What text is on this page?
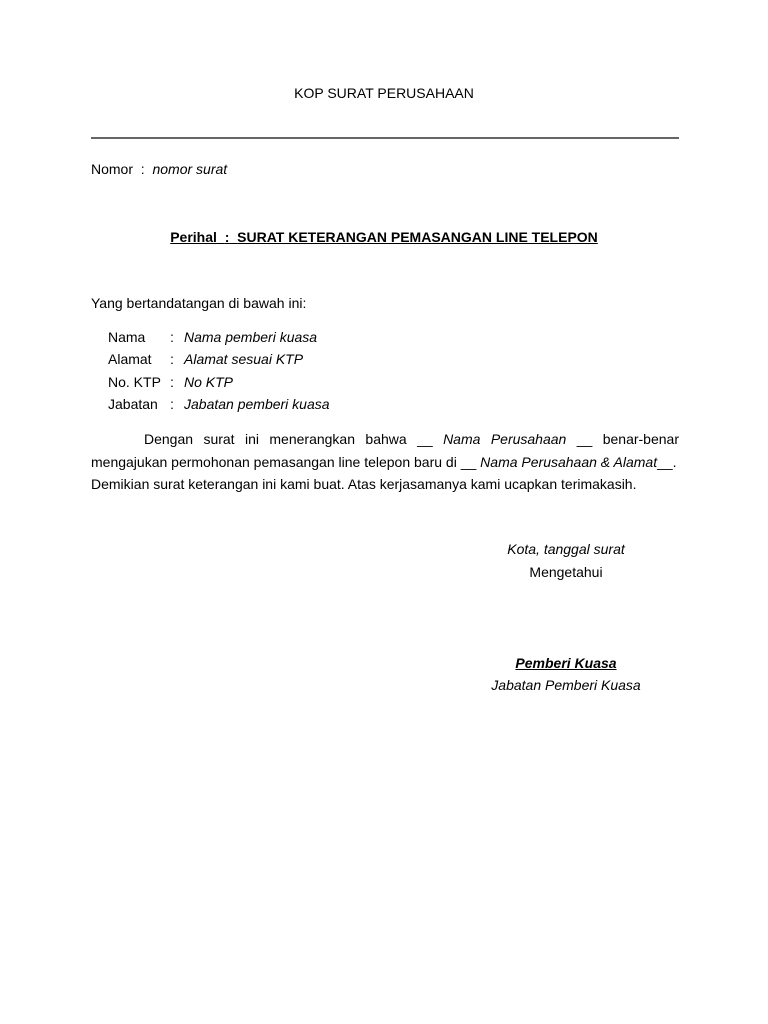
KOP SURAT PERUSAHAAN
Nomor : nomor surat
Perihal : SURAT KETERANGAN PEMASANGAN LINE TELEPON
Yang bertandatangan di bawah ini:
Nama : Nama pemberi kuasa
Alamat : Alamat sesuai KTP
No. KTP : No KTP
Jabatan : Jabatan pemberi kuasa
Dengan surat ini menerangkan bahwa __ Nama Perusahaan __ benar-benar
mengajukan permohonan pemasangan line telepon baru di __ Nama Perusahaan & Alamat__.
Demikian surat keterangan ini kami buat. Atas kerjasamanya kami ucapkan terimakasih.
Kota, tanggal surat
Mengetahui
Pemberi Kuasa
Jabatan Pemberi Kuasa
